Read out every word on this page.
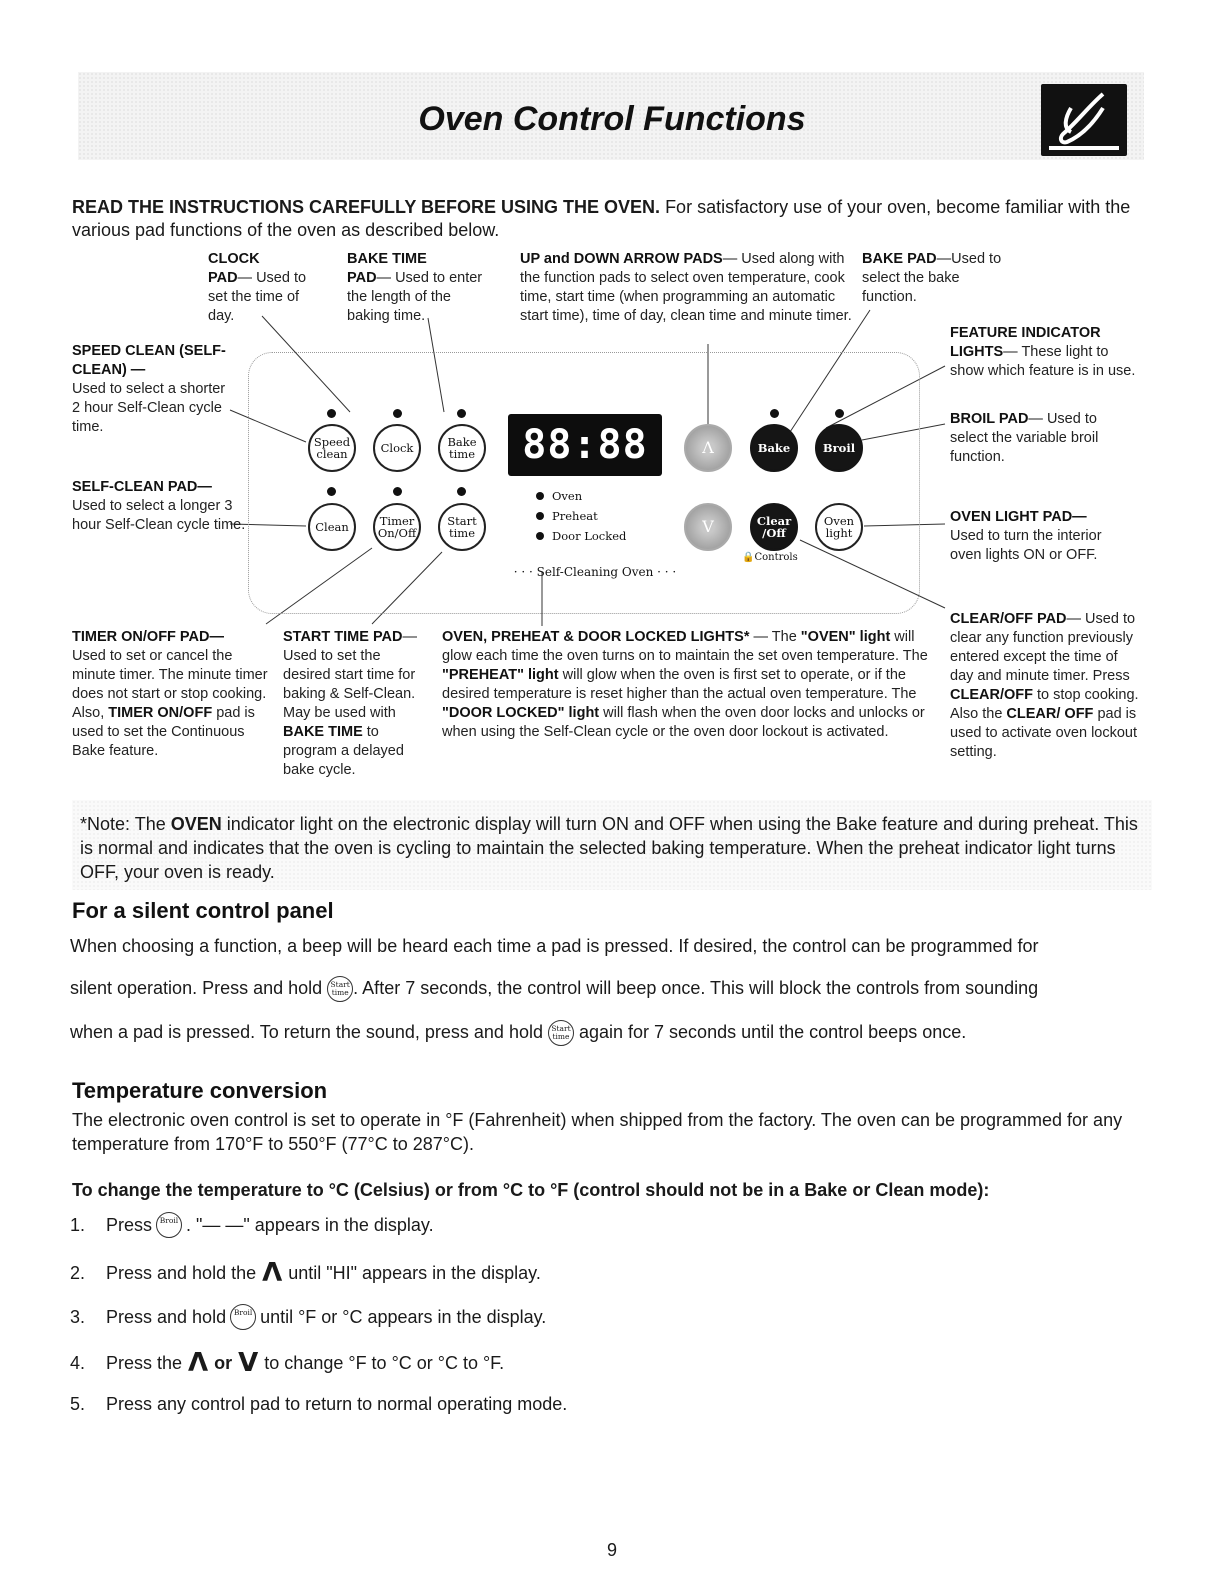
Oven Control Functions
READ THE INSTRUCTIONS CAREFULLY BEFORE USING THE OVEN. For satisfactory use of your oven, become familiar with the various pad functions of the oven as described below.
CLOCK
PAD— Used to set the time of day.
BAKE TIME
PAD— Used to enter the length of the baking time.
UP and DOWN ARROW PADS— Used along with the function pads to select oven temperature, cook time, start time (when programming an automatic start time), time of day, clean time and minute timer.
BAKE PAD—Used to select the bake function.
SPEED CLEAN (SELF-CLEAN) —
Used to select a shorter 2 hour Self-Clean cycle time.
SELF-CLEAN PAD—
Used to select a longer 3 hour Self-Clean cycle time.
FEATURE INDICATOR LIGHTS— These light to show which feature is in use.
BROIL PAD— Used to select the variable broil function.
OVEN LIGHT PAD—
Used to turn the interior oven lights ON or OFF.
Speed clean	Clock	Bake time	88:88	Λ	Bake	Broil
Clean	Timer On/Off
Start time
Oven
Preheat
Door Locked	V	Clear /Off
Oven light
🔒Controls
· · · Self-Cleaning Oven · · ·
TIMER ON/OFF PAD—
Used to set or cancel the minute timer. The minute timer does not start or stop cooking. Also, TIMER ON/OFF pad is used to set the Continuous Bake feature.
START TIME PAD— Used to set the desired start time for baking & Self-Clean. May be used with BAKE TIME to program a delayed bake cycle.
OVEN, PREHEAT & DOOR LOCKED LIGHTS* — The "OVEN" light will glow each time the oven turns on to maintain the set oven temperature. The "PREHEAT" light will glow when the oven is first set to operate, or if the desired temperature is reset higher than the actual oven temperature. The "DOOR LOCKED" light will flash when the oven door locks and unlocks or when using the Self-Clean cycle or the oven door lockout is activated.
CLEAR/OFF PAD— Used to clear any function previously entered except the time of day and minute timer. Press CLEAR/OFF to stop cooking. Also the CLEAR/ OFF pad is used to activate oven lockout setting.
*Note: The OVEN indicator light on the electronic display will turn ON and OFF when using the Bake feature and during preheat. This is normal and indicates that the oven is cycling to maintain the selected baking temperature. When the preheat indicator light turns OFF, your oven is ready.
For a silent control panel
When choosing a function, a beep will be heard each time a pad is pressed. If desired, the control can be programmed for
silent operation. Press and hold Start time . After 7 seconds, the control will beep once. This will block the controls from sounding
when a pad is pressed. To return the sound, press and hold Start time again for 7 seconds until the control beeps once.
Temperature conversion
The electronic oven control is set to operate in °F (Fahrenheit) when shipped from the factory. The oven can be programmed for any temperature from 170°F to 550°F (77°C to 287°C).
To change the temperature to °C (Celsius) or from °C to °F (control should not be in a Bake or Clean mode):
1.	Press	Broil . "— —" appears in the display.
2.	Press and hold the Λ until "HI" appears in the display.
3.	Press and hold	Broil until °F or °C appears in the display.
4.	Press the Λ or V to change °F to °C or °C to °F.
5.	Press any control pad to return to normal operating mode.
9
